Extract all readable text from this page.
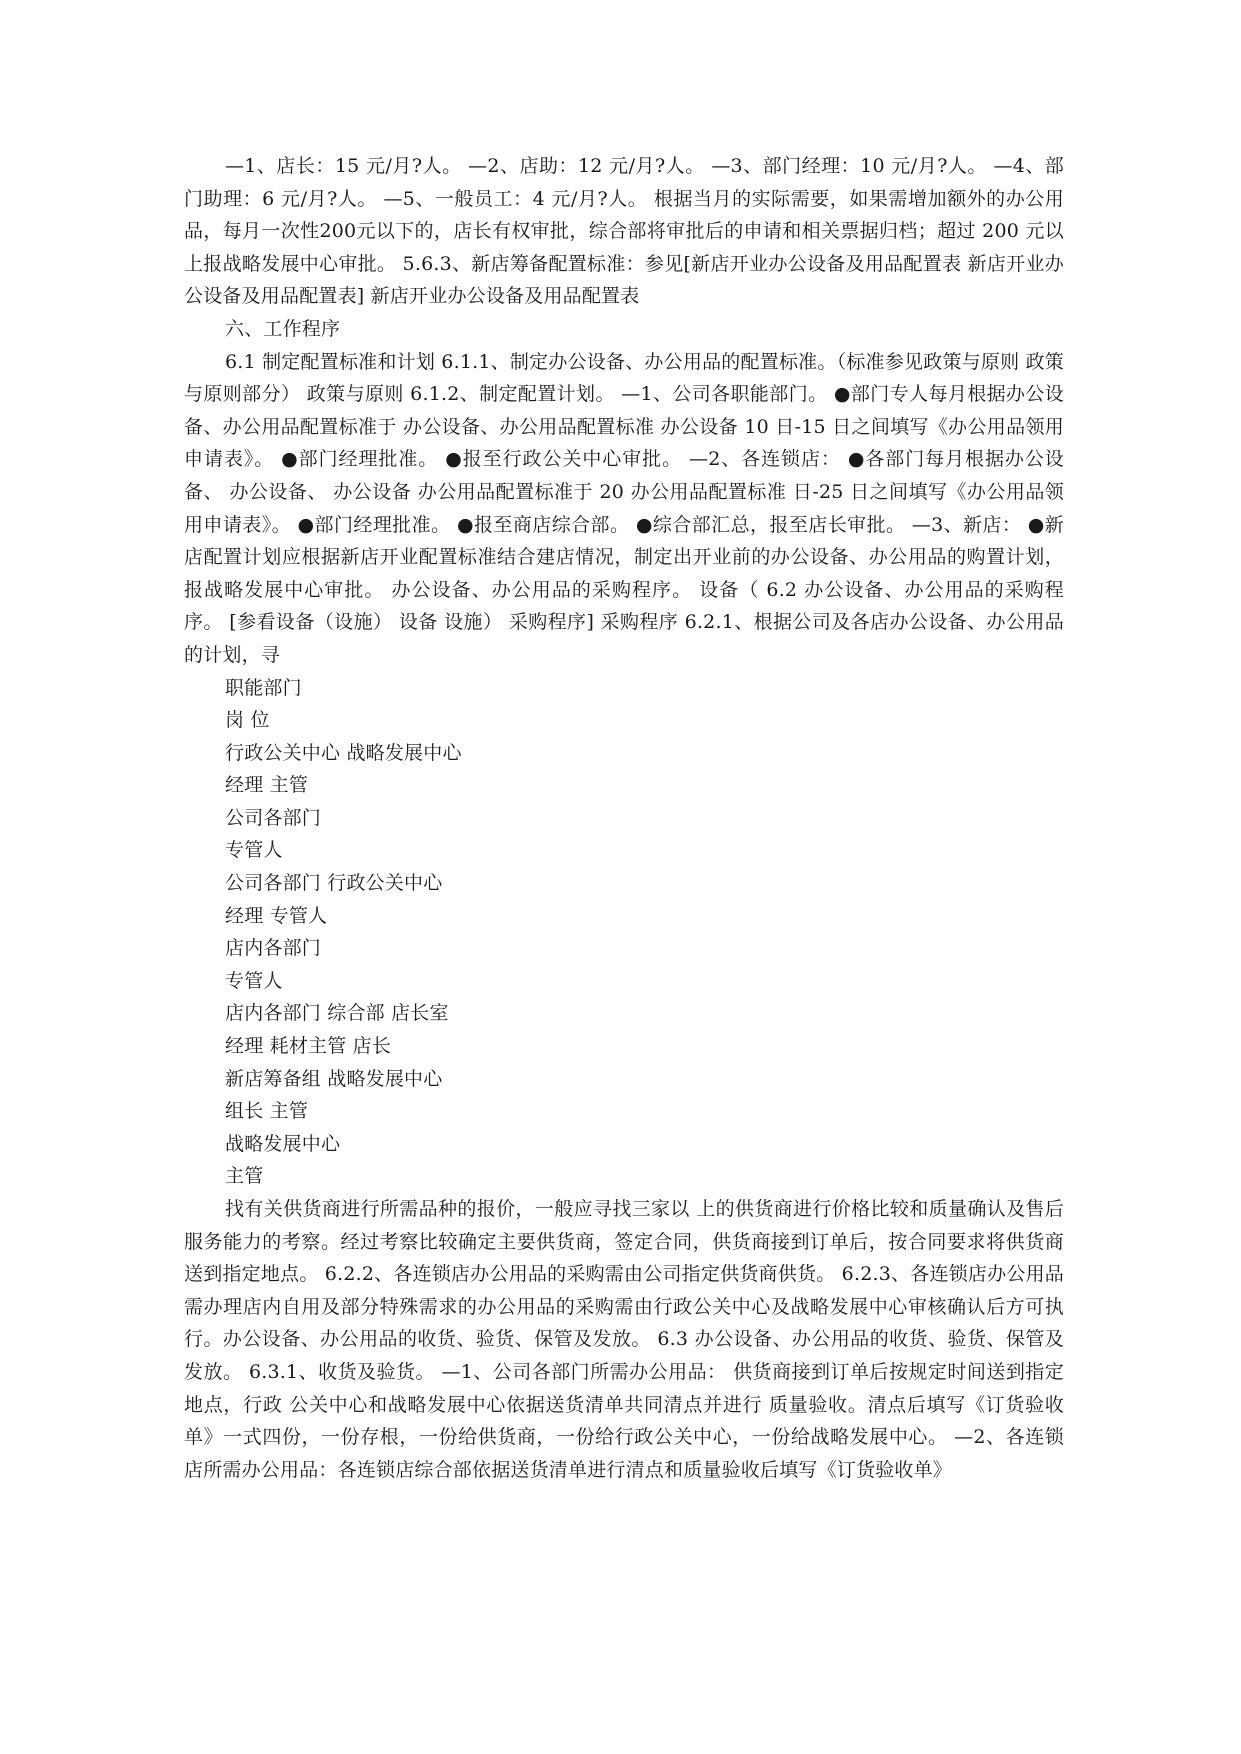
—1、店长：15 元/月?人。 —2、店助：12 元/月?人。 —3、部门经理：10 元/月?人。 —4、部门助理：6 元/月?人。 —5、一般员工：4 元/月?人。 根据当月的实际需要，如果需增加额外的办公用品，每月一次性200元以下的，店长有权审批，综合部将审批后的申请和相关票据归档；超过 200 元以上报战略发展中心审批。 5.6.3、新店筹备配置标准：参见[新店开业办公设备及用品配置表 新店开业办公设备及用品配置表] 新店开业办公设备及用品配置表

六、工作程序

6.1 制定配置标准和计划 6.1.1、制定办公设备、办公用品的配置标准。（标准参见政策与原则 政策与原则部分） 政策与原则 6.1.2、制定配置计划。 —1、公司各职能部门。 ●部门专人每月根据办公设备、办公用品配置标准于 办公设备、办公用品配置标准 办公设备 10 日-15 日之间填写《办公用品领用申请表》。 ●部门经理批准。 ●报至行政公关中心审批。 —2、各连锁店： ●各部门每月根据办公设备、 办公设备、 办公设备 办公用品配置标准于 20 办公用品配置标准 日-25 日之间填写《办公用品领用申请表》。 ●部门经理批准。 ●报至商店综合部。 ●综合部汇总，报至店长审批。 —3、新店： ●新店配置计划应根据新店开业配置标准结合建店情况，制定出开业前的办公设备、办公用品的购置计划，报战略发展中心审批。 办公设备、办公用品的采购程序。 设备（ 6.2 办公设备、办公用品的采购程序。 [参看设备（设施） 设备 设施） 采购程序] 采购程序 6.2.1、根据公司及各店办公设备、办公用品的计划，寻

职能部门

岗 位

行政公关中心 战略发展中心

经理 主管

公司各部门

专管人

公司各部门 行政公关中心

经理 专管人

店内各部门

专管人

店内各部门 综合部 店长室

经理 耗材主管 店长

新店筹备组 战略发展中心

组长 主管

战略发展中心

主管

找有关供货商进行所需品种的报价，一般应寻找三家以 上的供货商进行价格比较和质量确认及售后服务能力的考察。经过考察比较确定主要供货商，签定合同，供货商接到订单后，按合同要求将供货商送到指定地点。 6.2.2、各连锁店办公用品的采购需由公司指定供货商供货。 6.2.3、各连锁店办公用品需办理店内自用及部分特殊需求的办公用品的采购需由行政公关中心及战略发展中心审核确认后方可执行。办公设备、办公用品的收货、验货、保管及发放。 6.3 办公设备、办公用品的收货、验货、保管及发放。 6.3.1、收货及验货。 —1、公司各部门所需办公用品： 供货商接到订单后按规定时间送到指定地点，行政 公关中心和战略发展中心依据送货清单共同清点并进行 质量验收。清点后填写《订货验收单》一式四份，一份存根，一份给供货商，一份给行政公关中心，一份给战略发展中心。 —2、各连锁店所需办公用品：各连锁店综合部依据送货清单进行清点和质量验收后填写《订货验收单》
